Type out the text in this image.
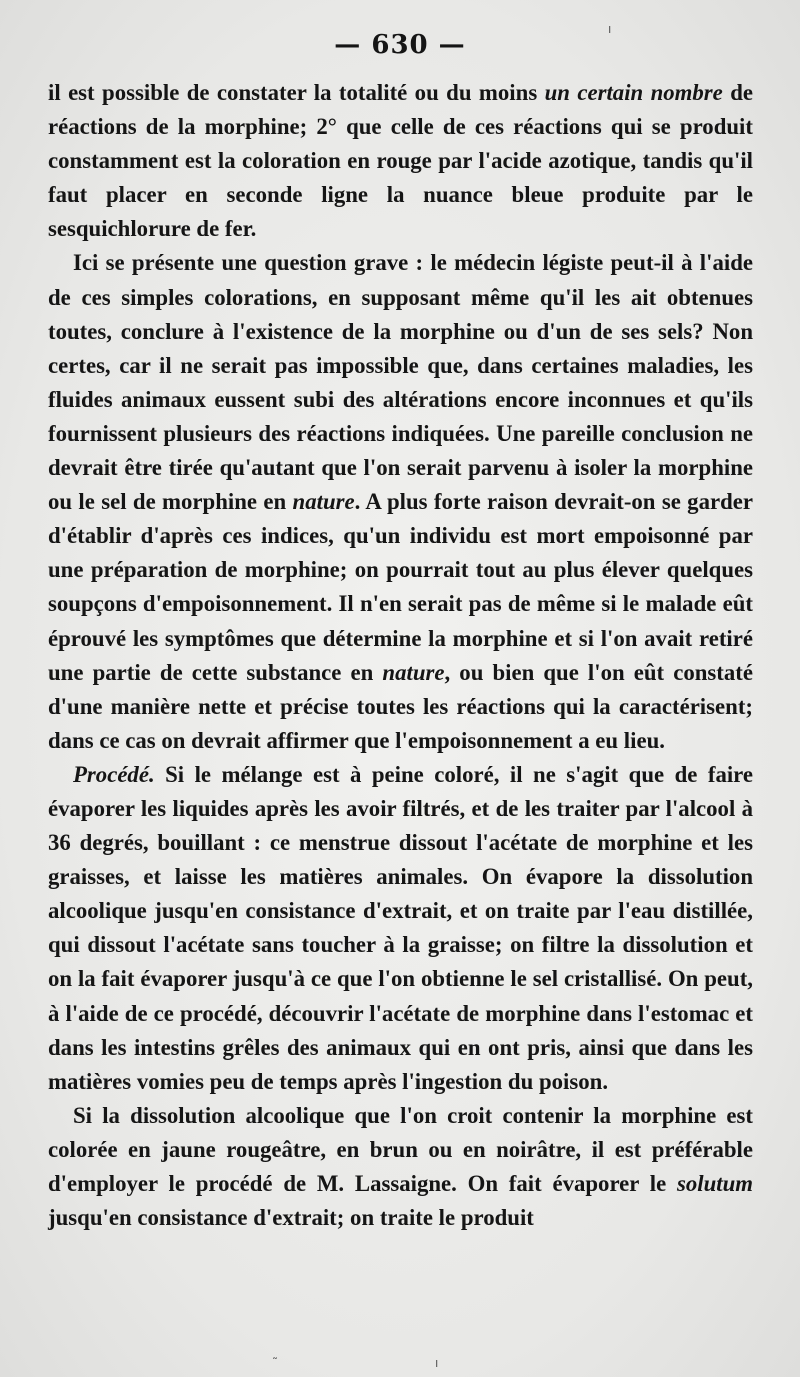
— 630 —

il est possible de constater la totalité ou du moins un certain nombre de réactions de la morphine; 2° que celle de ces réactions qui se produit constamment est la coloration en rouge par l'acide azotique, tandis qu'il faut placer en seconde ligne la nuance bleue produite par le sesquichlorure de fer.

Ici se présente une question grave : le médecin légiste peut-il à l'aide de ces simples colorations, en supposant même qu'il les ait obtenues toutes, conclure à l'existence de la morphine ou d'un de ses sels? Non certes, car il ne serait pas impossible que, dans certaines maladies, les fluides animaux eussent subi des altérations encore inconnues et qu'ils fournissent plusieurs des réactions indiquées. Une pareille conclusion ne devrait être tirée qu'autant que l'on serait parvenu à isoler la morphine ou le sel de morphine en nature. A plus forte raison devrait-on se garder d'établir d'après ces indices, qu'un individu est mort empoisonné par une préparation de morphine; on pourrait tout au plus élever quelques soupçons d'empoisonnement. Il n'en serait pas de même si le malade eût éprouvé les symptômes que détermine la morphine et si l'on avait retiré une partie de cette substance en nature, ou bien que l'on eût constaté d'une manière nette et précise toutes les réactions qui la caractérisent; dans ce cas on devrait affirmer que l'empoisonnement a eu lieu.

Procédé. Si le mélange est à peine coloré, il ne s'agit que de faire évaporer les liquides après les avoir filtrés, et de les traiter par l'alcool à 36 degrés, bouillant : ce menstrue dissout l'acétate de morphine et les graisses, et laisse les matières animales. On évapore la dissolution alcoolique jusqu'en consistance d'extrait, et on traite par l'eau distillée, qui dissout l'acétate sans toucher à la graisse; on filtre la dissolution et on la fait évaporer jusqu'à ce que l'on obtienne le sel cristallisé. On peut, à l'aide de ce procédé, découvrir l'acétate de morphine dans l'estomac et dans les intestins grêles des animaux qui en ont pris, ainsi que dans les matières vomies peu de temps après l'ingestion du poison.

Si la dissolution alcoolique que l'on croit contenir la morphine est colorée en jaune rougeâtre, en brun ou en noirâtre, il est préférable d'employer le procédé de M. Lassaigne. On fait évaporer le solutum jusqu'en consistance d'extrait; on traite le produit

ı
˜	ı
